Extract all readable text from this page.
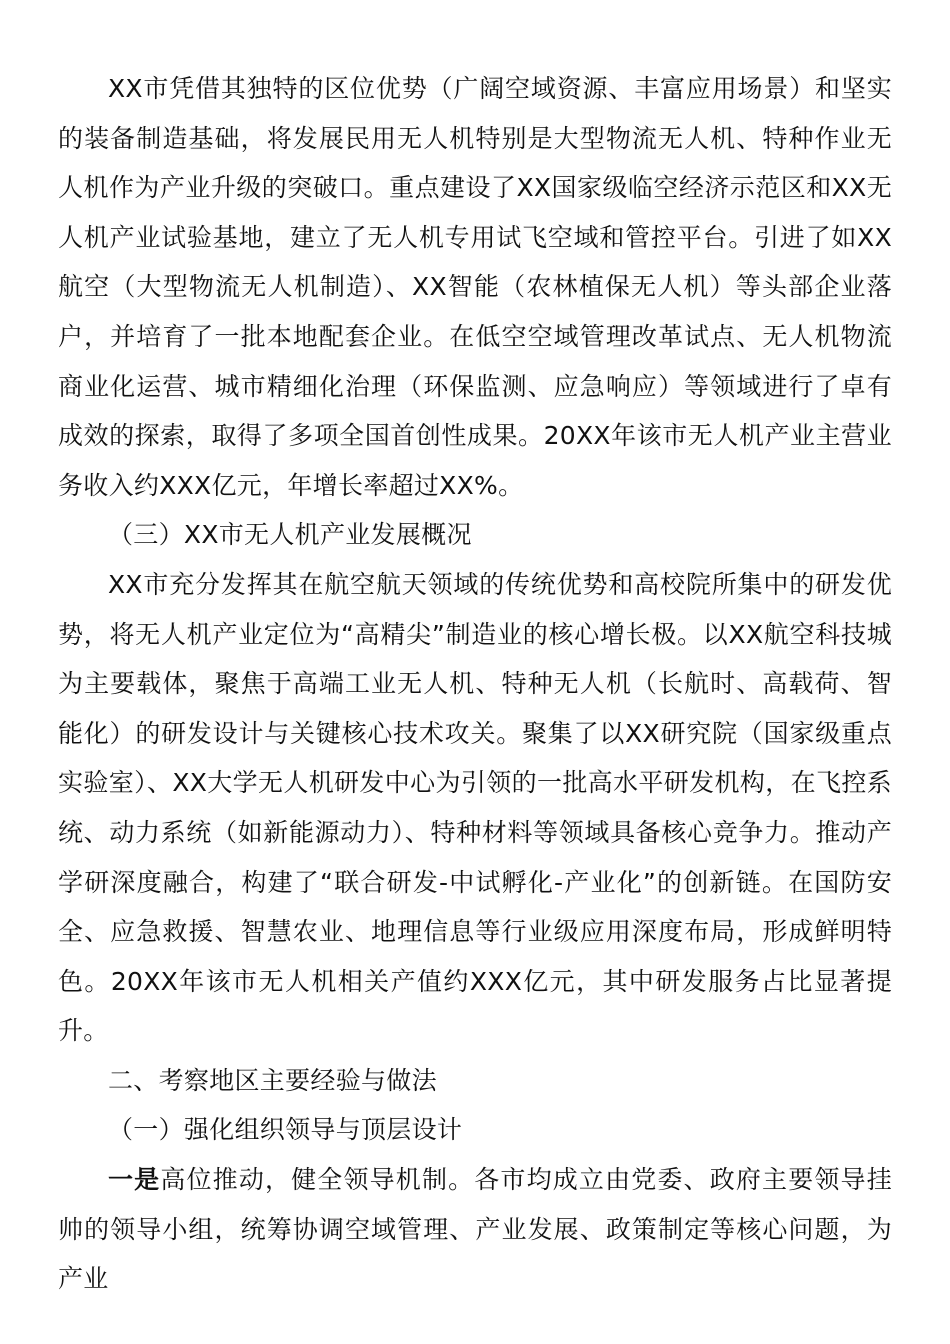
XX市凭借其独特的区位优势（广阔空域资源、丰富应用场景）和坚实的装备制造基础，将发展民用无人机特别是大型物流无人机、特种作业无人机作为产业升级的突破口。重点建设了XX国家级临空经济示范区和XX无人机产业试验基地，建立了无人机专用试飞空域和管控平台。引进了如XX航空（大型物流无人机制造）、XX智能（农林植保无人机）等头部企业落户，并培育了一批本地配套企业。在低空空域管理改革试点、无人机物流商业化运营、城市精细化治理（环保监测、应急响应）等领域进行了卓有成效的探索，取得了多项全国首创性成果。20XX年该市无人机产业主营业务收入约XXX亿元，年增长率超过XX%。

（三）XX市无人机产业发展概况

XX市充分发挥其在航空航天领域的传统优势和高校院所集中的研发优势，将无人机产业定位为“高精尖”制造业的核心增长极。以XX航空科技城为主要载体，聚焦于高端工业无人机、特种无人机（长航时、高载荷、智能化）的研发设计与关键核心技术攻关。聚集了以XX研究院（国家级重点实验室）、XX大学无人机研发中心为引领的一批高水平研发机构，在飞控系统、动力系统（如新能源动力）、特种材料等领域具备核心竞争力。推动产学研深度融合，构建了“联合研发-中试孵化-产业化”的创新链。在国防安全、应急救援、智慧农业、地理信息等行业级应用深度布局，形成鲜明特色。20XX年该市无人机相关产值约XXX亿元，其中研发服务占比显著提升。

二、考察地区主要经验与做法

（一）强化组织领导与顶层设计

一是高位推动，健全领导机制。各市均成立由党委、政府主要领导挂帅的领导小组，统筹协调空域管理、产业发展、政策制定等核心问题，为产业
